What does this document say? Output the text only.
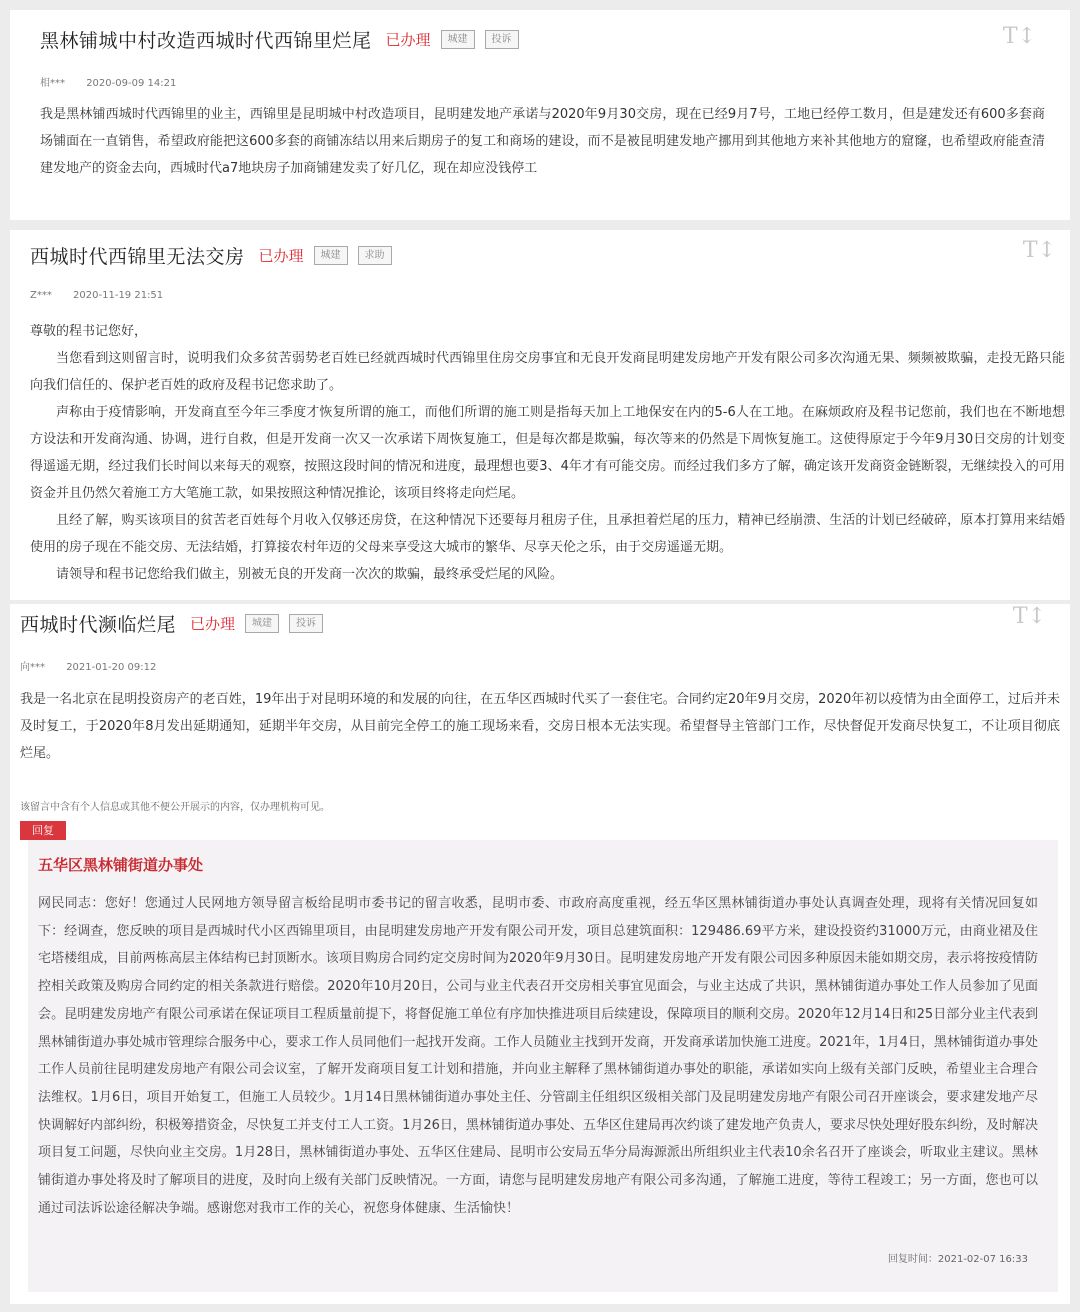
黑林铺城中村改造西城时代西锦里烂尾 已办理	城建	投诉	T↕
相*** 2020-09-09 14:21

我是黑林铺西城时代西锦里的业主，西锦里是昆明城中村改造项目，昆明建发地产承诺与2020年9月30交房，现在已经9月7号，工地已经停工数月，但是建发还有600多套商场铺面在一直销售，希望政府能把这600多套的商铺冻结以用来后期房子的复工和商场的建设，而不是被昆明建发地产挪用到其他地方来补其他地方的窟窿，也希望政府能查清建发地产的资金去向，西城时代a7地块房子加商铺建发卖了好几亿，现在却应没钱停工

西城时代西锦里无法交房 已办理	城建	求助	T↕
Z*** 2020-11-19 21:51

尊敬的程书记您好，

当您看到这则留言时，说明我们众多贫苦弱势老百姓已经就西城时代西锦里住房交房事宜和无良开发商昆明建发房地产开发有限公司多次沟通无果、频频被欺骗，走投无路只能向我们信任的、保护老百姓的政府及程书记您求助了。

声称由于疫情影响，开发商直至今年三季度才恢复所谓的施工，而他们所谓的施工则是指每天加上工地保安在内的5-6人在工地。在麻烦政府及程书记您前，我们也在不断地想方设法和开发商沟通、协调，进行自救，但是开发商一次又一次承诺下周恢复施工，但是每次都是欺骗，每次等来的仍然是下周恢复施工。这使得原定于今年9月30日交房的计划变得遥遥无期，经过我们长时间以来每天的观察，按照这段时间的情况和进度，最理想也要3、4年才有可能交房。而经过我们多方了解，确定该开发商资金链断裂，无继续投入的可用资金并且仍然欠着施工方大笔施工款，如果按照这种情况推论，该项目终将走向烂尾。

且经了解，购买该项目的贫苦老百姓每个月收入仅够还房贷，在这种情况下还要每月租房子住，且承担着烂尾的压力，精神已经崩溃、生活的计划已经破碎，原本打算用来结婚使用的房子现在不能交房、无法结婚，打算接农村年迈的父母来享受这大城市的繁华、尽享天伦之乐，由于交房遥遥无期。

请领导和程书记您给我们做主，别被无良的开发商一次次的欺骗，最终承受烂尾的风险。

西城时代濒临烂尾 已办理	城建	投诉	T↕
向*** 2021-01-20 09:12

我是一名北京在昆明投资房产的老百姓，19年出于对昆明环境的和发展的向往，在五华区西城时代买了一套住宅。合同约定20年9月交房，2020年初以疫情为由全面停工，过后并未及时复工，于2020年8月发出延期通知，延期半年交房，从目前完全停工的施工现场来看，交房日根本无法实现。希望督导主管部门工作，尽快督促开发商尽快复工，不让项目彻底烂尾。

该留言中含有个人信息或其他不便公开展示的内容，仅办理机构可见。
回复
五华区黑林铺街道办事处
网民同志：您好！您通过人民网地方领导留言板给昆明市委书记的留言收悉，昆明市委、市政府高度重视，经五华区黑林铺街道办事处认真调查处理，现将有关情况回复如下：经调查，您反映的项目是西城时代小区西锦里项目，由昆明建发房地产开发有限公司开发，项目总建筑面积：129486.69平方米，建设投资约31000万元，由商业裙及住宅塔楼组成，目前两栋高层主体结构已封顶断水。该项目购房合同约定交房时间为2020年9月30日。昆明建发房地产开发有限公司因多种原因未能如期交房，表示将按疫情防控相关政策及购房合同约定的相关条款进行赔偿。2020年10月20日，公司与业主代表召开交房相关事宜见面会，与业主达成了共识，黑林铺街道办事处工作人员参加了见面会。昆明建发房地产有限公司承诺在保证项目工程质量前提下，将督促施工单位有序加快推进项目后续建设，保障项目的顺利交房。2020年12月14日和25日部分业主代表到黑林铺街道办事处城市管理综合服务中心，要求工作人员同他们一起找开发商。工作人员随业主找到开发商，开发商承诺加快施工进度。2021年，1月4日，黑林铺街道办事处工作人员前往昆明建发房地产有限公司会议室，了解开发商项目复工计划和措施，并向业主解释了黑林铺街道办事处的职能，承诺如实向上级有关部门反映，希望业主合理合法维权。1月6日，项目开始复工，但施工人员较少。1月14日黑林铺街道办事处主任、分管副主任组织区级相关部门及昆明建发房地产有限公司召开座谈会，要求建发地产尽快调解好内部纠纷，积极筹措资金，尽快复工并支付工人工资。1月26日，黑林铺街道办事处、五华区住建局再次约谈了建发地产负责人，要求尽快处理好股东纠纷，及时解决项目复工问题，尽快向业主交房。1月28日，黑林铺街道办事处、五华区住建局、昆明市公安局五华分局海源派出所组织业主代表10余名召开了座谈会，听取业主建议。黑林铺街道办事处将及时了解项目的进度，及时向上级有关部门反映情况。一方面，请您与昆明建发房地产有限公司多沟通，了解施工进度，等待工程竣工；另一方面，您也可以通过司法诉讼途径解决争端。感谢您对我市工作的关心，祝您身体健康、生活愉快！
回复时间：2021-02-07 16:33
